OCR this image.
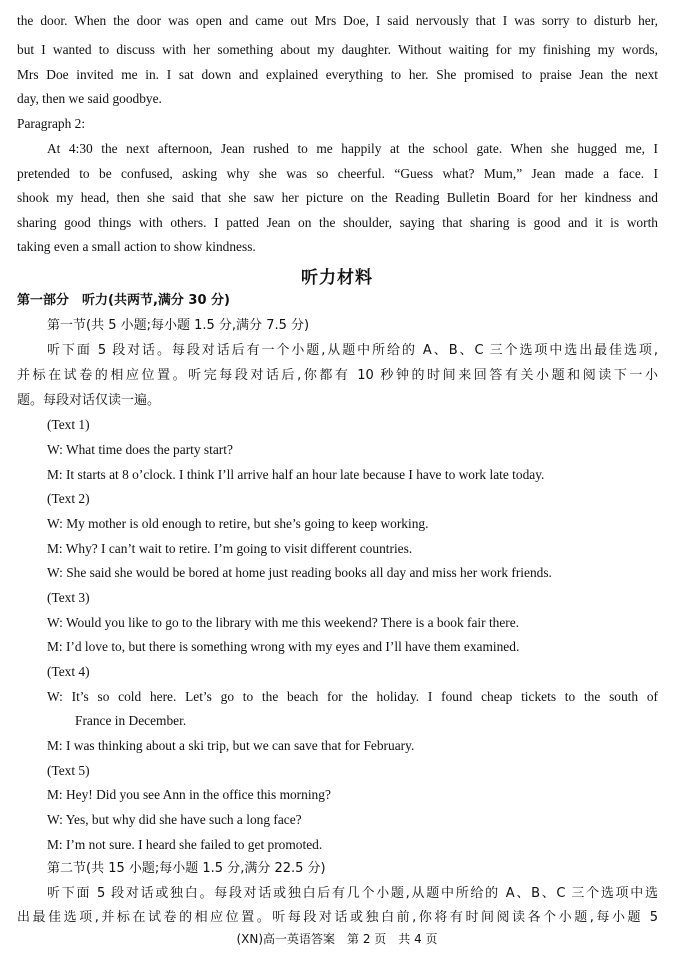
the door. When the door was open and came out Mrs Doe, I said nervously that I was sorry to disturb her,
but I wanted to discuss with her something about my daughter. Without waiting for my finishing my words,
Mrs Doe invited me in. I sat down and explained everything to her. She promised to praise Jean the next
day, then we said goodbye.
Paragraph 2:
At 4:30 the next afternoon, Jean rushed to me happily at the school gate. When she hugged me, I
pretended to be confused, asking why she was so cheerful. “Guess what? Mum,” Jean made a face. I
shook my head, then she said that she saw her picture on the Reading Bulletin Board for her kindness and
sharing good things with others. I patted Jean on the shoulder, saying that sharing is good and it is worth
taking even a small action to show kindness.
听力材料
第一部分　听力(共两节,满分 30 分)
第一节(共 5 小题;每小题 1.5 分,满分 7.5 分)
听下面 5 段对话。每段对话后有一个小题,从题中所给的 A、B、C 三个选项中选出最佳选项,
并标在试卷的相应位置。听完每段对话后,你都有 10 秒钟的时间来回答有关小题和阅读下一小
题。每段对话仅读一遍。
(Text 1)
W: What time does the party start?
M: It starts at 8 o’clock. I think I’ll arrive half an hour late because I have to work late today.
(Text 2)
W: My mother is old enough to retire, but she’s going to keep working.
M: Why? I can’t wait to retire. I’m going to visit different countries.
W: She said she would be bored at home just reading books all day and miss her work friends.
(Text 3)
W: Would you like to go to the library with me this weekend? There is a book fair there.
M: I’d love to, but there is something wrong with my eyes and I’ll have them examined.
(Text 4)
W: It’s so cold here. Let’s go to the beach for the holiday. I found cheap tickets to the south of
France in December.
M: I was thinking about a ski trip, but we can save that for February.
(Text 5)
M: Hey! Did you see Ann in the office this morning?
W: Yes, but why did she have such a long face?
M: I’m not sure. I heard she failed to get promoted.
第二节(共 15 小题;每小题 1.5 分,满分 22.5 分)
听下面 5 段对话或独白。每段对话或独白后有几个小题,从题中所给的 A、B、C 三个选项中选
出最佳选项,并标在试卷的相应位置。听每段对话或独白前,你将有时间阅读各个小题,每小题 5
(XN)高一英语答案　第 2 页　共 4 页
